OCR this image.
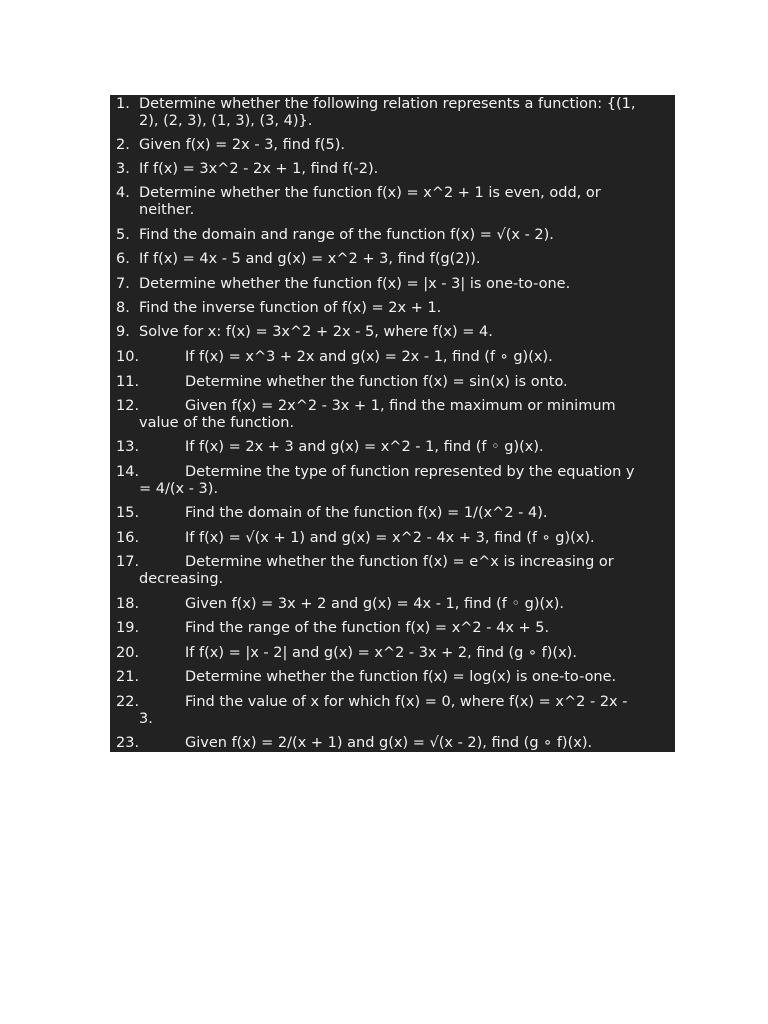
1. Determine whether the following relation represents a function: {(1,
2), (2, 3), (1, 3), (3, 4)}.
2. Given f(x) = 2x - 3, find f(5).
3. If f(x) = 3x^2 - 2x + 1, find f(-2).
4. Determine whether the function f(x) = x^2 + 1 is even, odd, or
neither.
5. Find the domain and range of the function f(x) = √(x - 2).
6. If f(x) = 4x - 5 and g(x) = x^2 + 3, find f(g(2)).
7. Determine whether the function f(x) = |x - 3| is one-to-one.
8. Find the inverse function of f(x) = 2x + 1.
9. Solve for x: f(x) = 3x^2 + 2x - 5, where f(x) = 4.
10.	If f(x) = x^3 + 2x and g(x) = 2x - 1, find (f ∘ g)(x).
11.	Determine whether the function f(x) = sin(x) is onto.
12.	Given f(x) = 2x^2 - 3x + 1, find the maximum or minimum
value of the function.
13.	If f(x) = 2x + 3 and g(x) = x^2 - 1, find (f ◦ g)(x).
14.	Determine the type of function represented by the equation y
= 4/(x - 3).
15.	Find the domain of the function f(x) = 1/(x^2 - 4).
16.	If f(x) = √(x + 1) and g(x) = x^2 - 4x + 3, find (f ∘ g)(x).
17.	Determine whether the function f(x) = e^x is increasing or
decreasing.
18.	Given f(x) = 3x + 2 and g(x) = 4x - 1, find (f ◦ g)(x).
19.	Find the range of the function f(x) = x^2 - 4x + 5.
20.	If f(x) = |x - 2| and g(x) = x^2 - 3x + 2, find (g ∘ f)(x).
21.	Determine whether the function f(x) = log(x) is one-to-one.
22.	Find the value of x for which f(x) = 0, where f(x) = x^2 - 2x -
3.
23.	Given f(x) = 2/(x + 1) and g(x) = √(x - 2), find (g ∘ f)(x).
